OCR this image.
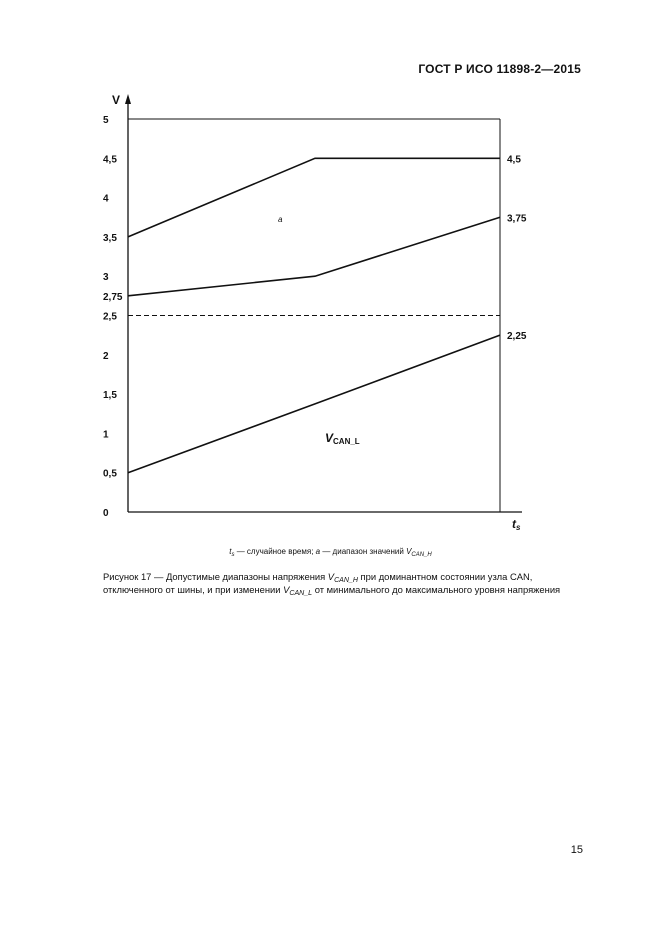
ГОСТ Р ИСО 11898-2—2015
0
0,5
1
1,5
2
2,5
3
3,5
4
4,5
5
2,75
V
ts
4,5
3,75
2,25
a
VCAN_L
$t_s$ — случайное время; a — диапазон значений $V_{CAN\_H}$
Рисунок 17 — Допустимые диапазоны напряжения $V_{CAN\_H}$ при доминантном состоянии узла CAN, отключенного от шины, и при изменении $V_{CAN\_L}$ от минимального до максимального уровня напряжения
15
